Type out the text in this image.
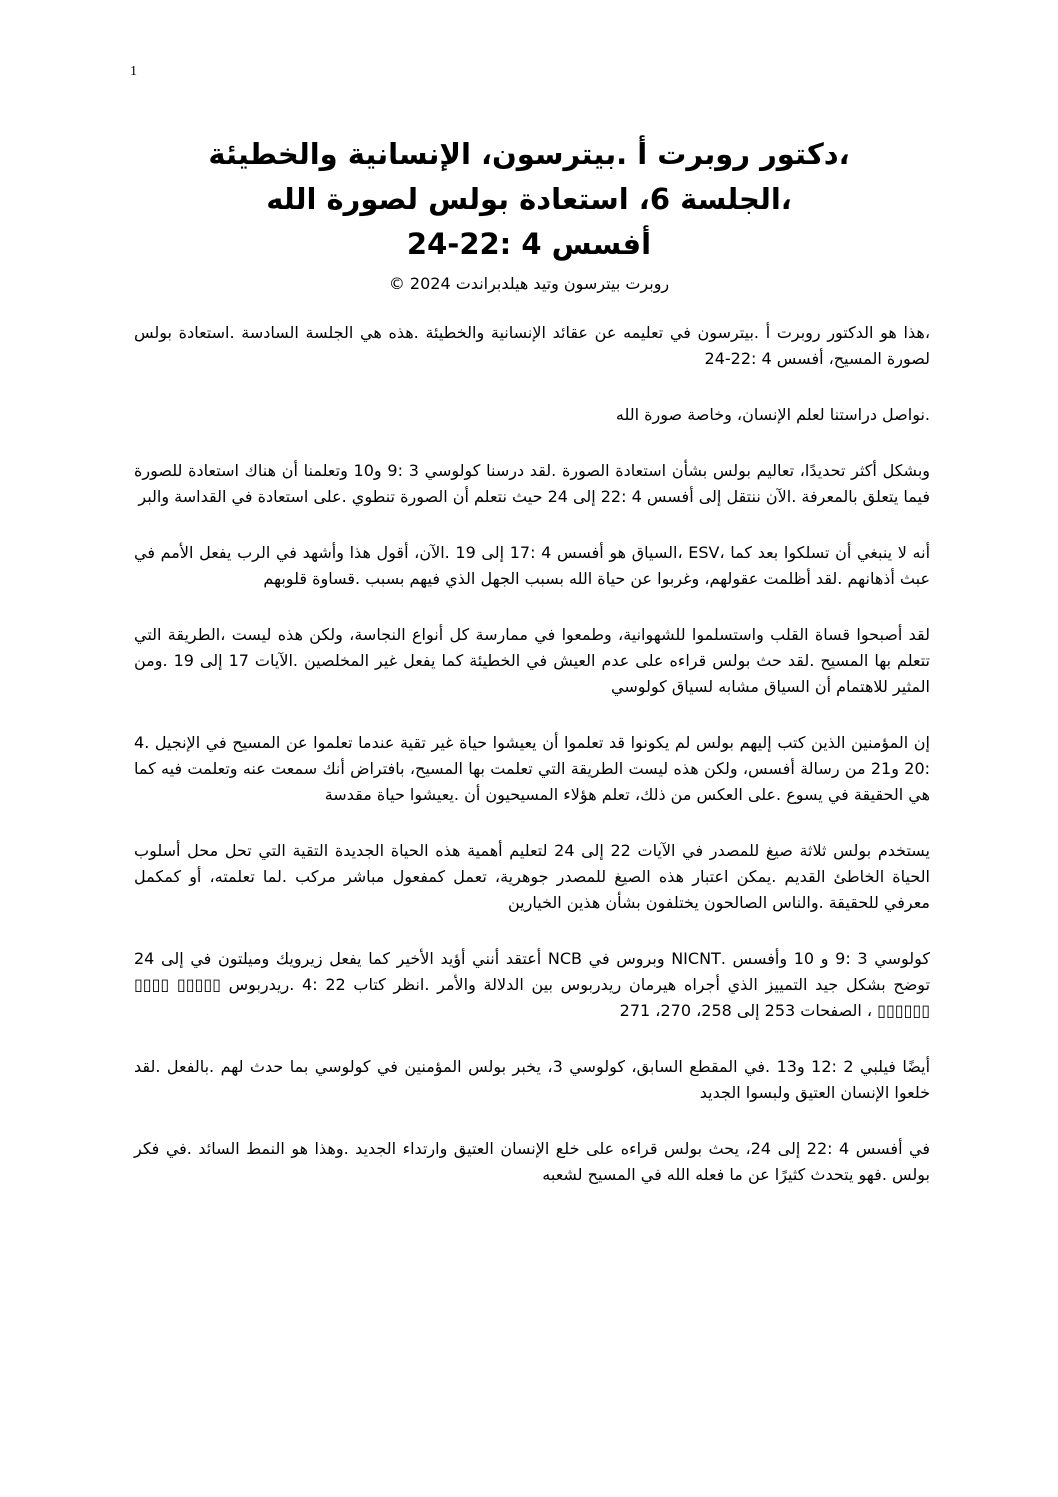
1
،دكتور روبرت أ .بيترسون، الإنسانية والخطيئة
،الجلسة 6، استعادة بولس لصورة الله
أفسس 4 :22-24
روبرت بيترسون وتيد هيلدبراندت 2024 ©

،هذا هو الدكتور روبرت أ .بيترسون في تعليمه عن عقائد الإنسانية والخطيئة .هذه هي الجلسة السادسة .استعادة بولس لصورة المسيح، أفسس 4 :22-24

.نواصل دراستنا لعلم الإنسان، وخاصة صورة الله

وبشكل أكثر تحديدًا، تعاليم بولس بشأن استعادة الصورة .لقد درسنا كولوسي 3 :9 و10 وتعلمنا أن هناك استعادة للصورة فيما يتعلق بالمعرفة .الآن ننتقل إلى أفسس 4 :22 إلى 24 حيث نتعلم أن الصورة تنطوي .على استعادة في القداسة والبر

أنه لا ينبغي أن تسلكوا بعد كما ،ESV ،السياق هو أفسس 4 :17 إلى 19 .الآن، أقول هذا وأشهد في الرب يفعل الأمم في عبث أذهانهم .لقد أظلمت عقولهم، وغربوا عن حياة الله بسبب الجهل الذي فيهم بسبب .قساوة قلوبهم

لقد أصبحوا قساة القلب واستسلموا للشهوانية، وطمعوا في ممارسة كل أنواع النجاسة، ولكن هذه ليست ،الطريقة التي تتعلم بها المسيح .لقد حث بولس قراءه على عدم العيش في الخطيئة كما يفعل غير المخلصين .الآيات 17 إلى 19 .ومن المثير للاهتمام أن السياق مشابه لسياق كولوسي

إن المؤمنين الذين كتب إليهم بولس لم يكونوا قد تعلموا أن يعيشوا حياة غير تقية عندما تعلموا عن المسيح في الإنجيل .4 :20 و21 من رسالة أفسس، ولكن هذه ليست الطريقة التي تعلمت بها المسيح، بافتراض أنك سمعت عنه وتعلمت فيه كما هي الحقيقة في يسوع .على العكس من ذلك، تعلم هؤلاء المسيحيون أن .يعيشوا حياة مقدسة

يستخدم بولس ثلاثة صيغ للمصدر في الآيات 22 إلى 24 لتعليم أهمية هذه الحياة الجديدة التقية التي تحل محل أسلوب الحياة الخاطئ القديم .يمكن اعتبار هذه الصيغ للمصدر جوهرية، تعمل كمفعول مباشر مركب .لما تعلمته، أو كمكمل معرفي للحقيقة .والناس الصالحون يختلفون بشأن هذين الخيارين

كولوسي 3 :9 و 10 وأفسس .NICNT وبروس في NCB أعتقد أنني أؤيد الأخير كما يفعل زيرويك وميلتون في إلى 24 توضح بشكل جيد التمييز الذي أجراه هيرمان ريدربوس بين الدلالة والأمر .انظر كتاب 22 :4 .ريدربوس ▯▯▯▯▯ ▯▯▯▯ ▯▯▯▯▯▯ ، الصفحات 253 إلى 258، 270، 271

أيضًا فيلبي 2 :12 و13 .في المقطع السابق، كولوسي 3، يخبر بولس المؤمنين في كولوسي بما حدث لهم .بالفعل .لقد خلعوا الإنسان العتيق ولبسوا الجديد

في أفسس 4 :22 إلى 24، يحث بولس قراءه على خلع الإنسان العتيق وارتداء الجديد .وهذا هو النمط السائد .في فكر بولس .فهو يتحدث كثيرًا عن ما فعله الله في المسيح لشعبه
